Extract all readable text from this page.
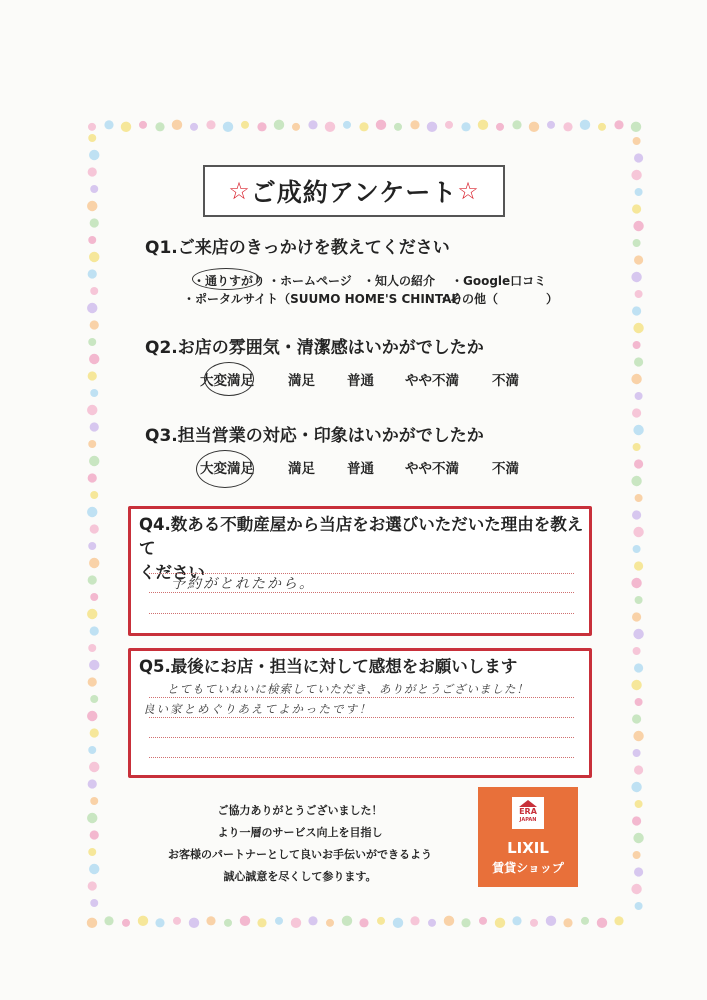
☆ ご成約アンケート ☆
Q1.ご来店のきっかけを教えてください
・通りすがり ・ホームページ ・知人の紹介 ・Google口コミ
・ポータルサイト（SUUMO HOME'S CHINTAI）
・その他（　　　　）
Q2.お店の雰囲気・清潔感はいかがでしたか
大変満足	満足 普通 やや不満 不満
Q3.担当営業の対応・印象はいかがでしたか
大変満足	満足 普通 やや不満 不満
Q4.数ある不動産屋から当店をお選びいただいた理由を教えて
ください
予約がとれたから。
Q5.最後にお店・担当に対して感想をお願いします
とてもていねいに検索していただき、ありがとうございました！
良い家とめぐりあえてよかったです！
ご協力ありがとうございました！
より一層のサービス向上を目指し
お客様のパートナーとして良いお手伝いができるよう
誠心誠意を尽くして参ります。
ERA
JAPAN
LIXIL
賃貸ショップ
